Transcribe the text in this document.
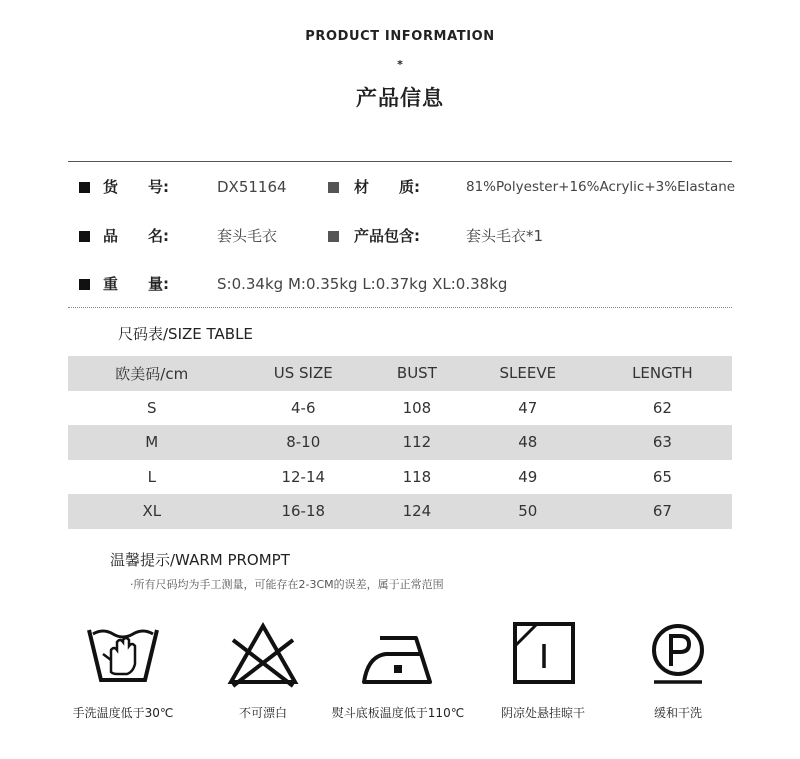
PRODUCT INFORMATION
*
产品信息
货　　号:	DX51164	材　　质:	81%Polyester+16%Acrylic+3%Elastane
品　　名:	套头毛衣	产品包含:	套头毛衣*1
重　　量:	S:0.34kg M:0.35kg L:0.37kg XL:0.38kg
尺码表/SIZE TABLE
欧美码/cm	US SIZE	BUST	SLEEVE	LENGTH
S	4-6	108	47	62
M	8-10	112	48	63
L	12-14	118	49	65
XL	16-18	124	50	67
温馨提示/WARM PROMPT
·所有尺码均为手工测量，可能存在2-3CM的误差，属于正常范围
手洗温度低于30℃	不可漂白	熨斗底板温度低于110℃	阴凉处悬挂晾干	缓和干洗
